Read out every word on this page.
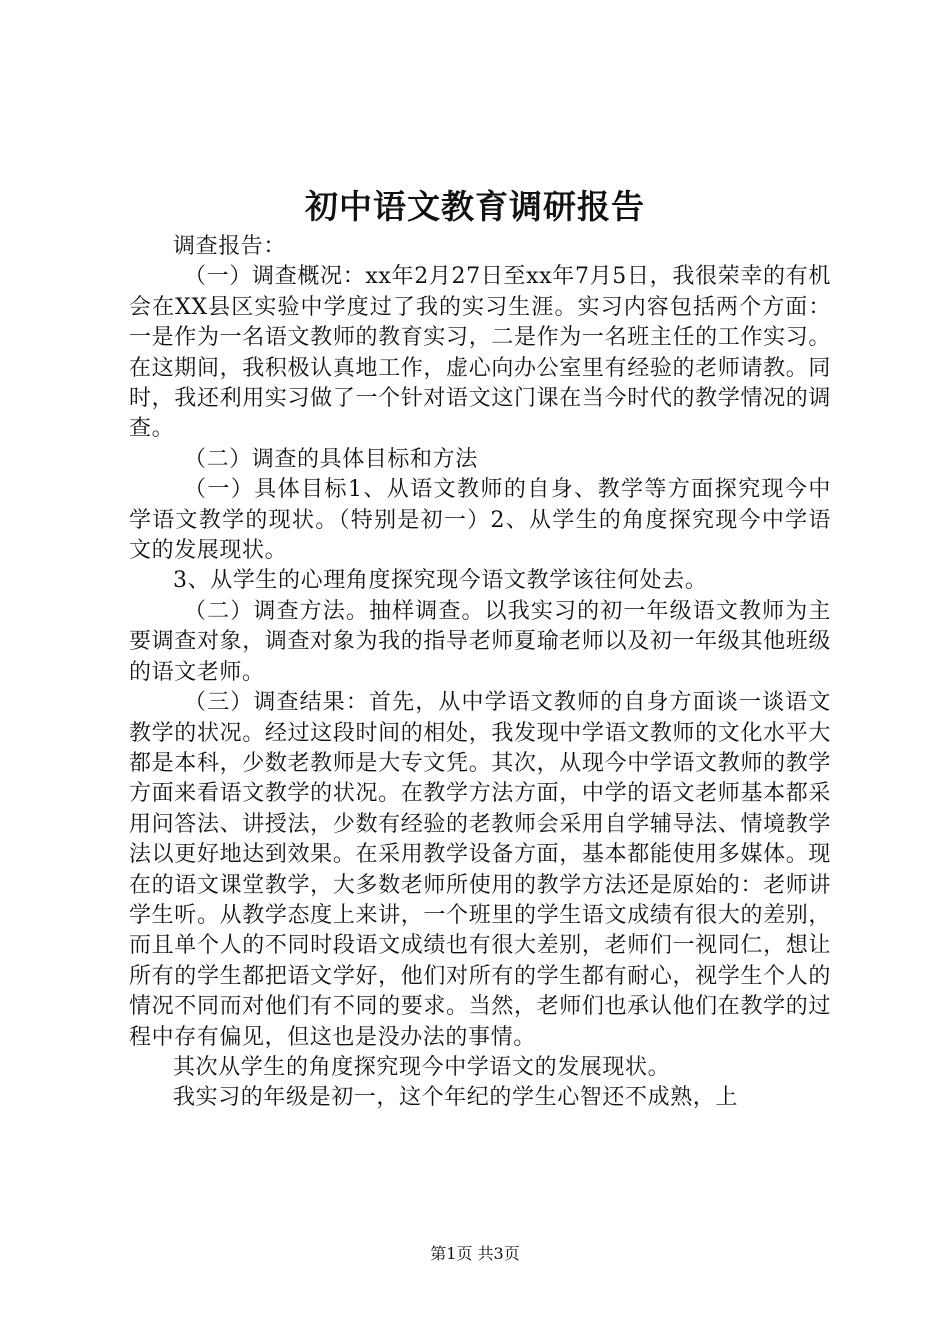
初中语文教育调研报告

调查报告：

（一）调查概况：xx年2月27日至xx年7月5日，我很荣幸的有机会在XX县区实验中学度过了我的实习生涯。实习内容包括两个方面：一是作为一名语文教师的教育实习，二是作为一名班主任的工作实习。在这期间，我积极认真地工作，虚心向办公室里有经验的老师请教。同时，我还利用实习做了一个针对语文这门课在当今时代的教学情况的调查。

（二）调查的具体目标和方法

（一）具体目标1、从语文教师的自身、教学等方面探究现今中学语文教学的现状。（特别是初一）2、从学生的角度探究现今中学语文的发展现状。

3、从学生的心理角度探究现今语文教学该往何处去。

（二）调查方法。抽样调查。以我实习的初一年级语文教师为主要调查对象，调查对象为我的指导老师夏瑜老师以及初一年级其他班级的语文老师。

（三）调查结果：首先，从中学语文教师的自身方面谈一谈语文教学的状况。经过这段时间的相处，我发现中学语文教师的文化水平大都是本科，少数老教师是大专文凭。其次，从现今中学语文教师的教学方面来看语文教学的状况。在教学方法方面，中学的语文老师基本都采用问答法、讲授法，少数有经验的老教师会采用自学辅导法、情境教学法以更好地达到效果。在采用教学设备方面，基本都能使用多媒体。现在的语文课堂教学，大多数老师所使用的教学方法还是原始的：老师讲学生听。从教学态度上来讲，一个班里的学生语文成绩有很大的差别，而且单个人的不同时段语文成绩也有很大差别，老师们一视同仁，想让所有的学生都把语文学好，他们对所有的学生都有耐心，视学生个人的情况不同而对他们有不同的要求。当然，老师们也承认他们在教学的过程中存有偏见，但这也是没办法的事情。

其次从学生的角度探究现今中学语文的发展现状。

我实习的年级是初一，这个年纪的学生心智还不成熟，上

第1页 共3页
